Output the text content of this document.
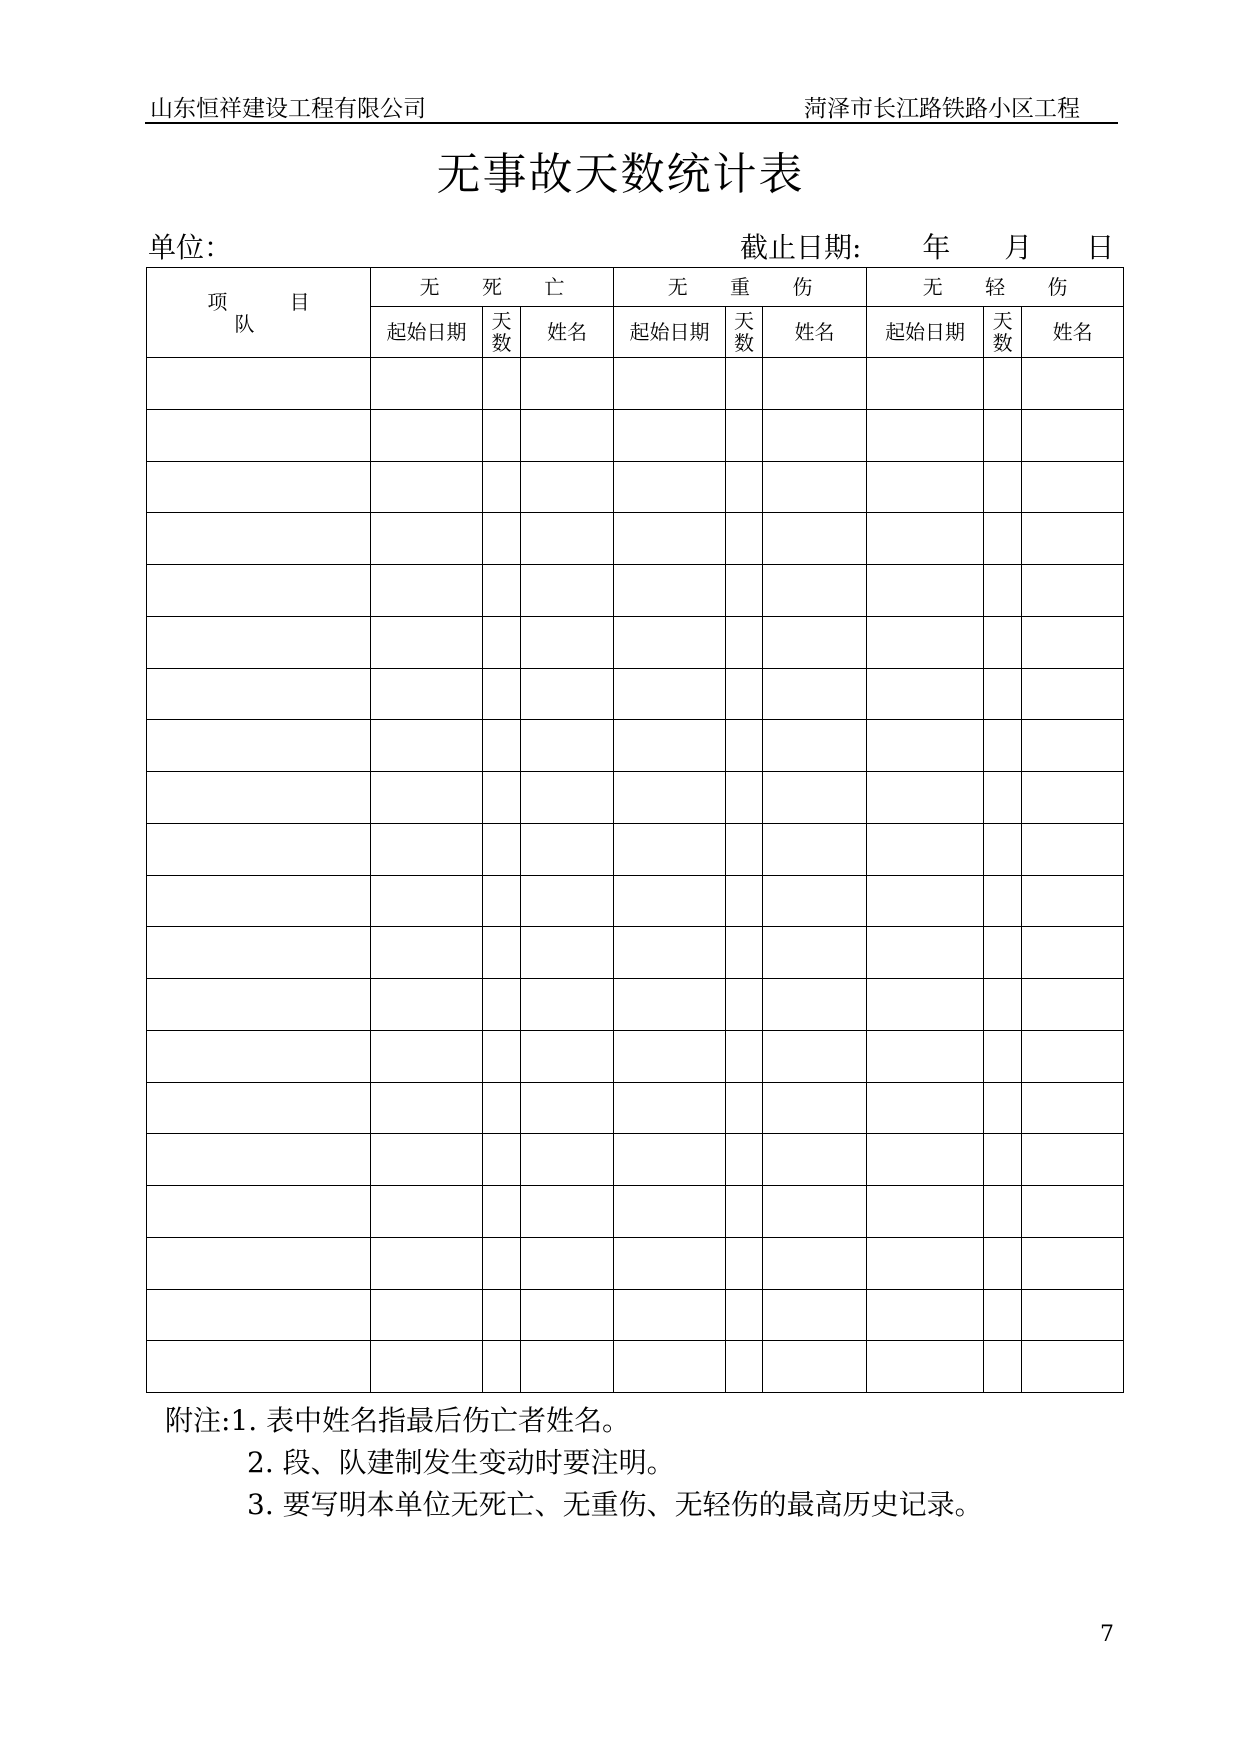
山东恒祥建设工程有限公司	菏泽市长江路铁路小区工程
无事故天数统计表
单位：	截止日期: 年 月 日
项 目 队	无 死 亡			无 重 伤			无 轻 伤		
	起始日期	天数	姓名	起始日期	天数	姓名	起始日期	天数	姓名

附注:1. 表中姓名指最后伤亡者姓名。
2. 段、队建制发生变动时要注明。
3. 要写明本单位无死亡、无重伤、无轻伤的最高历史记录。
7
